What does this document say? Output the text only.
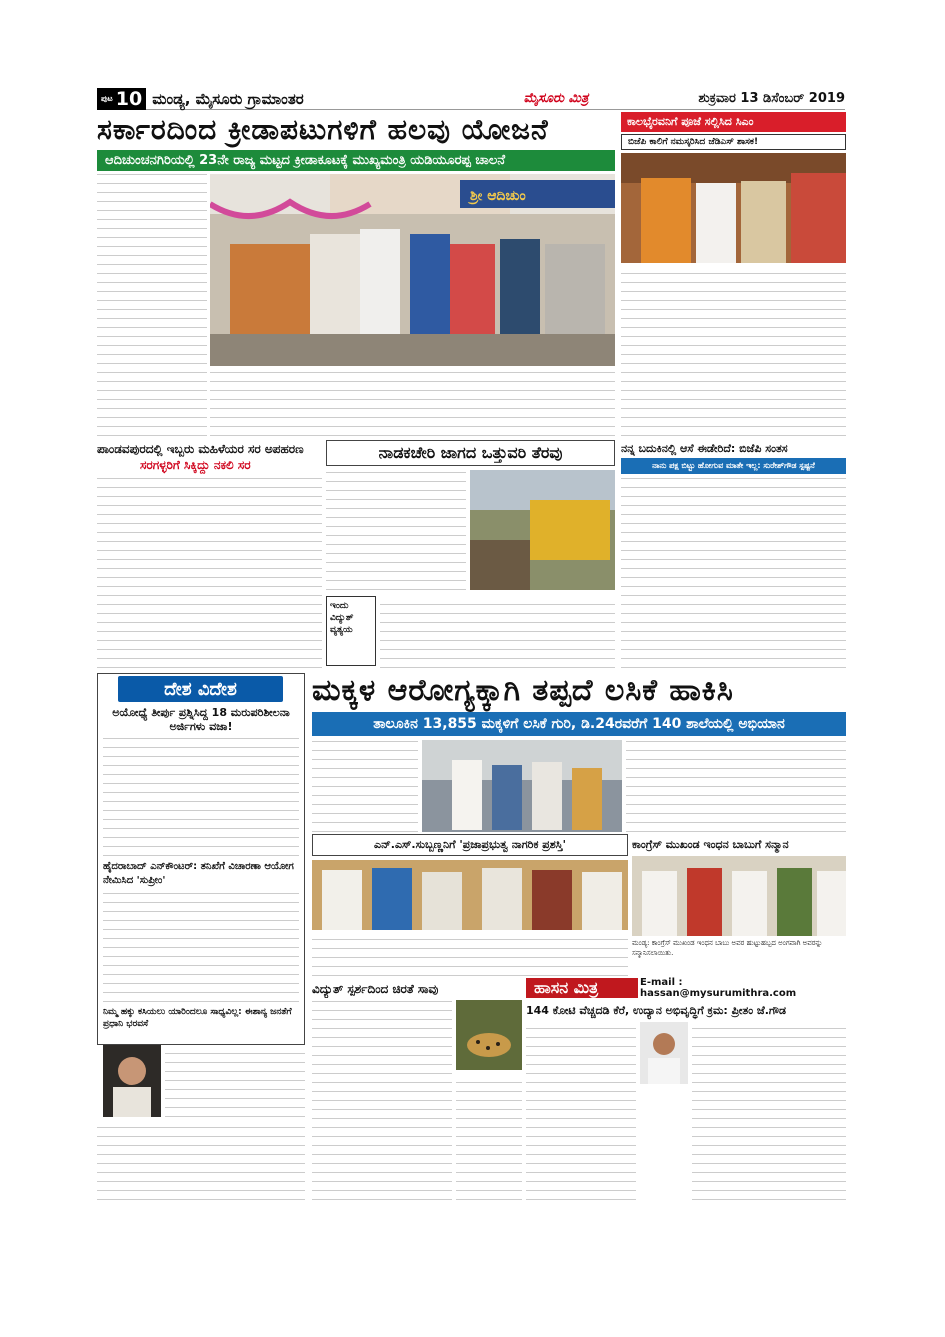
ಪುಟ 10 ಮಂಡ್ಯ, ಮೈಸೂರು ಗ್ರಾಮಾಂತರ	ಮೈಸೂರು ಮಿತ್ರ	ಶುಕ್ರವಾರ 13 ಡಿಸೆಂಬರ್ 2019
ಸರ್ಕಾರದಿಂದ ಕ್ರೀಡಾಪಟುಗಳಿಗೆ ಹಲವು ಯೋಜನೆ
ಆದಿಚುಂಚನಗಿರಿಯಲ್ಲಿ 23ನೇ ರಾಜ್ಯ ಮಟ್ಟದ ಕ್ರೀಡಾಕೂಟಕ್ಕೆ ಮುಖ್ಯಮಂತ್ರಿ ಯಡಿಯೂರಪ್ಪ ಚಾಲನೆ
ಶ್ರೀ ಆದಿಚುಂ
ಕಾಲಭೈರವನಿಗೆ ಪೂಜೆ ಸಲ್ಲಿಸಿದ ಸಿಎಂ
ಬಿಜೆಪಿ ಕಾಲಿಗೆ ನಮಸ್ಕರಿಸಿದ ಜೆಡಿಎಸ್ ಶಾಸಕ!
ಪಾಂಡವಪುರದಲ್ಲಿ ಇಬ್ಬರು ಮಹಿಳೆಯರ ಸರ ಅಪಹರಣ
ಸರಗಳ್ಳರಿಗೆ ಸಿಕ್ಕಿದ್ದು ನಕಲಿ ಸರ
ನಾಡಕಚೇರಿ ಜಾಗದ ಒತ್ತುವರಿ ತೆರವು
ಇಂದು ವಿದ್ಯುತ್ ವ್ಯತ್ಯಯ
ನನ್ನ ಬದುಕಿನಲ್ಲಿ ಆಸೆ ಈಡೇರಿದೆ: ಬಿಜೆಪಿ ಸಂತಸ
ನಾನು ಪಕ್ಷ ಬಿಟ್ಟು ಹೋಗುವ ಮಾತೇ ಇಲ್ಲ: ಸುರೇಶ್‌ಗೌಡ ಸ್ಪಷ್ಟನೆ
ದೇಶ ವಿದೇಶ
ಅಯೋಧ್ಯೆ ತೀರ್ಪು ಪ್ರಶ್ನಿಸಿದ್ದ 18 ಮರುಪರಿಶೀಲನಾ ಅರ್ಜಿಗಳು ವಜಾ!
ಹೈದರಾಬಾದ್ ಎನ್‌ಕೌಂಟರ್: ತನಿಖೆಗೆ ವಿಚಾರಣಾ ಆಯೋಗ ನೇಮಿಸಿದ 'ಸುಪ್ರೀಂ'
ನಿಮ್ಮ ಹಕ್ಕು ಕಸಿಯಲು ಯಾರಿಂದಲೂ ಸಾಧ್ಯವಿಲ್ಲ: ಈಶಾನ್ಯ ಜನತೆಗೆ ಪ್ರಧಾನಿ ಭರವಸೆ
ಮಕ್ಕಳ ಆರೋಗ್ಯಕ್ಕಾಗಿ ತಪ್ಪದೆ ಲಸಿಕೆ ಹಾಕಿಸಿ
ತಾಲೂಕಿನ 13,855 ಮಕ್ಕಳಿಗೆ ಲಸಿಕೆ ಗುರಿ, ಡಿ.24ರವರೆಗೆ 140 ಶಾಲೆಯಲ್ಲಿ ಅಭಿಯಾನ
ಎನ್.ಎಸ್.ಸುಬ್ಬಣ್ಣನಿಗೆ 'ಪ್ರಜಾಪ್ರಭುತ್ವ ನಾಗರಿಕ ಪ್ರಶಸ್ತಿ'	ಕಾಂಗ್ರೆಸ್ ಮುಖಂಡ ಇಂಧನ ಬಾಬುಗೆ ಸನ್ಮಾನ
ಮಂಡ್ಯ: ಕಾಂಗ್ರೆಸ್ ಮುಖಂಡ ಇಂಧನ ಬಾಬು ಅವರ ಹುಟ್ಟುಹಬ್ಬದ ಅಂಗವಾಗಿ ಅವರನ್ನು ಸನ್ಮಾನಿಸಲಾಯಿತು.
ವಿದ್ಯುತ್ ಸ್ಪರ್ಶದಿಂದ ಚಿರತೆ ಸಾವು	ಹಾಸನ ಮಿತ್ರ	E-mail : hassan@mysurumithra.com
144 ಕೋಟಿ ವೆಚ್ಚದಡಿ ಕೆರೆ, ಉದ್ಯಾನ ಅಭಿವೃದ್ಧಿಗೆ ಕ್ರಮ: ಪ್ರೀತಂ ಜೆ.ಗೌಡ
